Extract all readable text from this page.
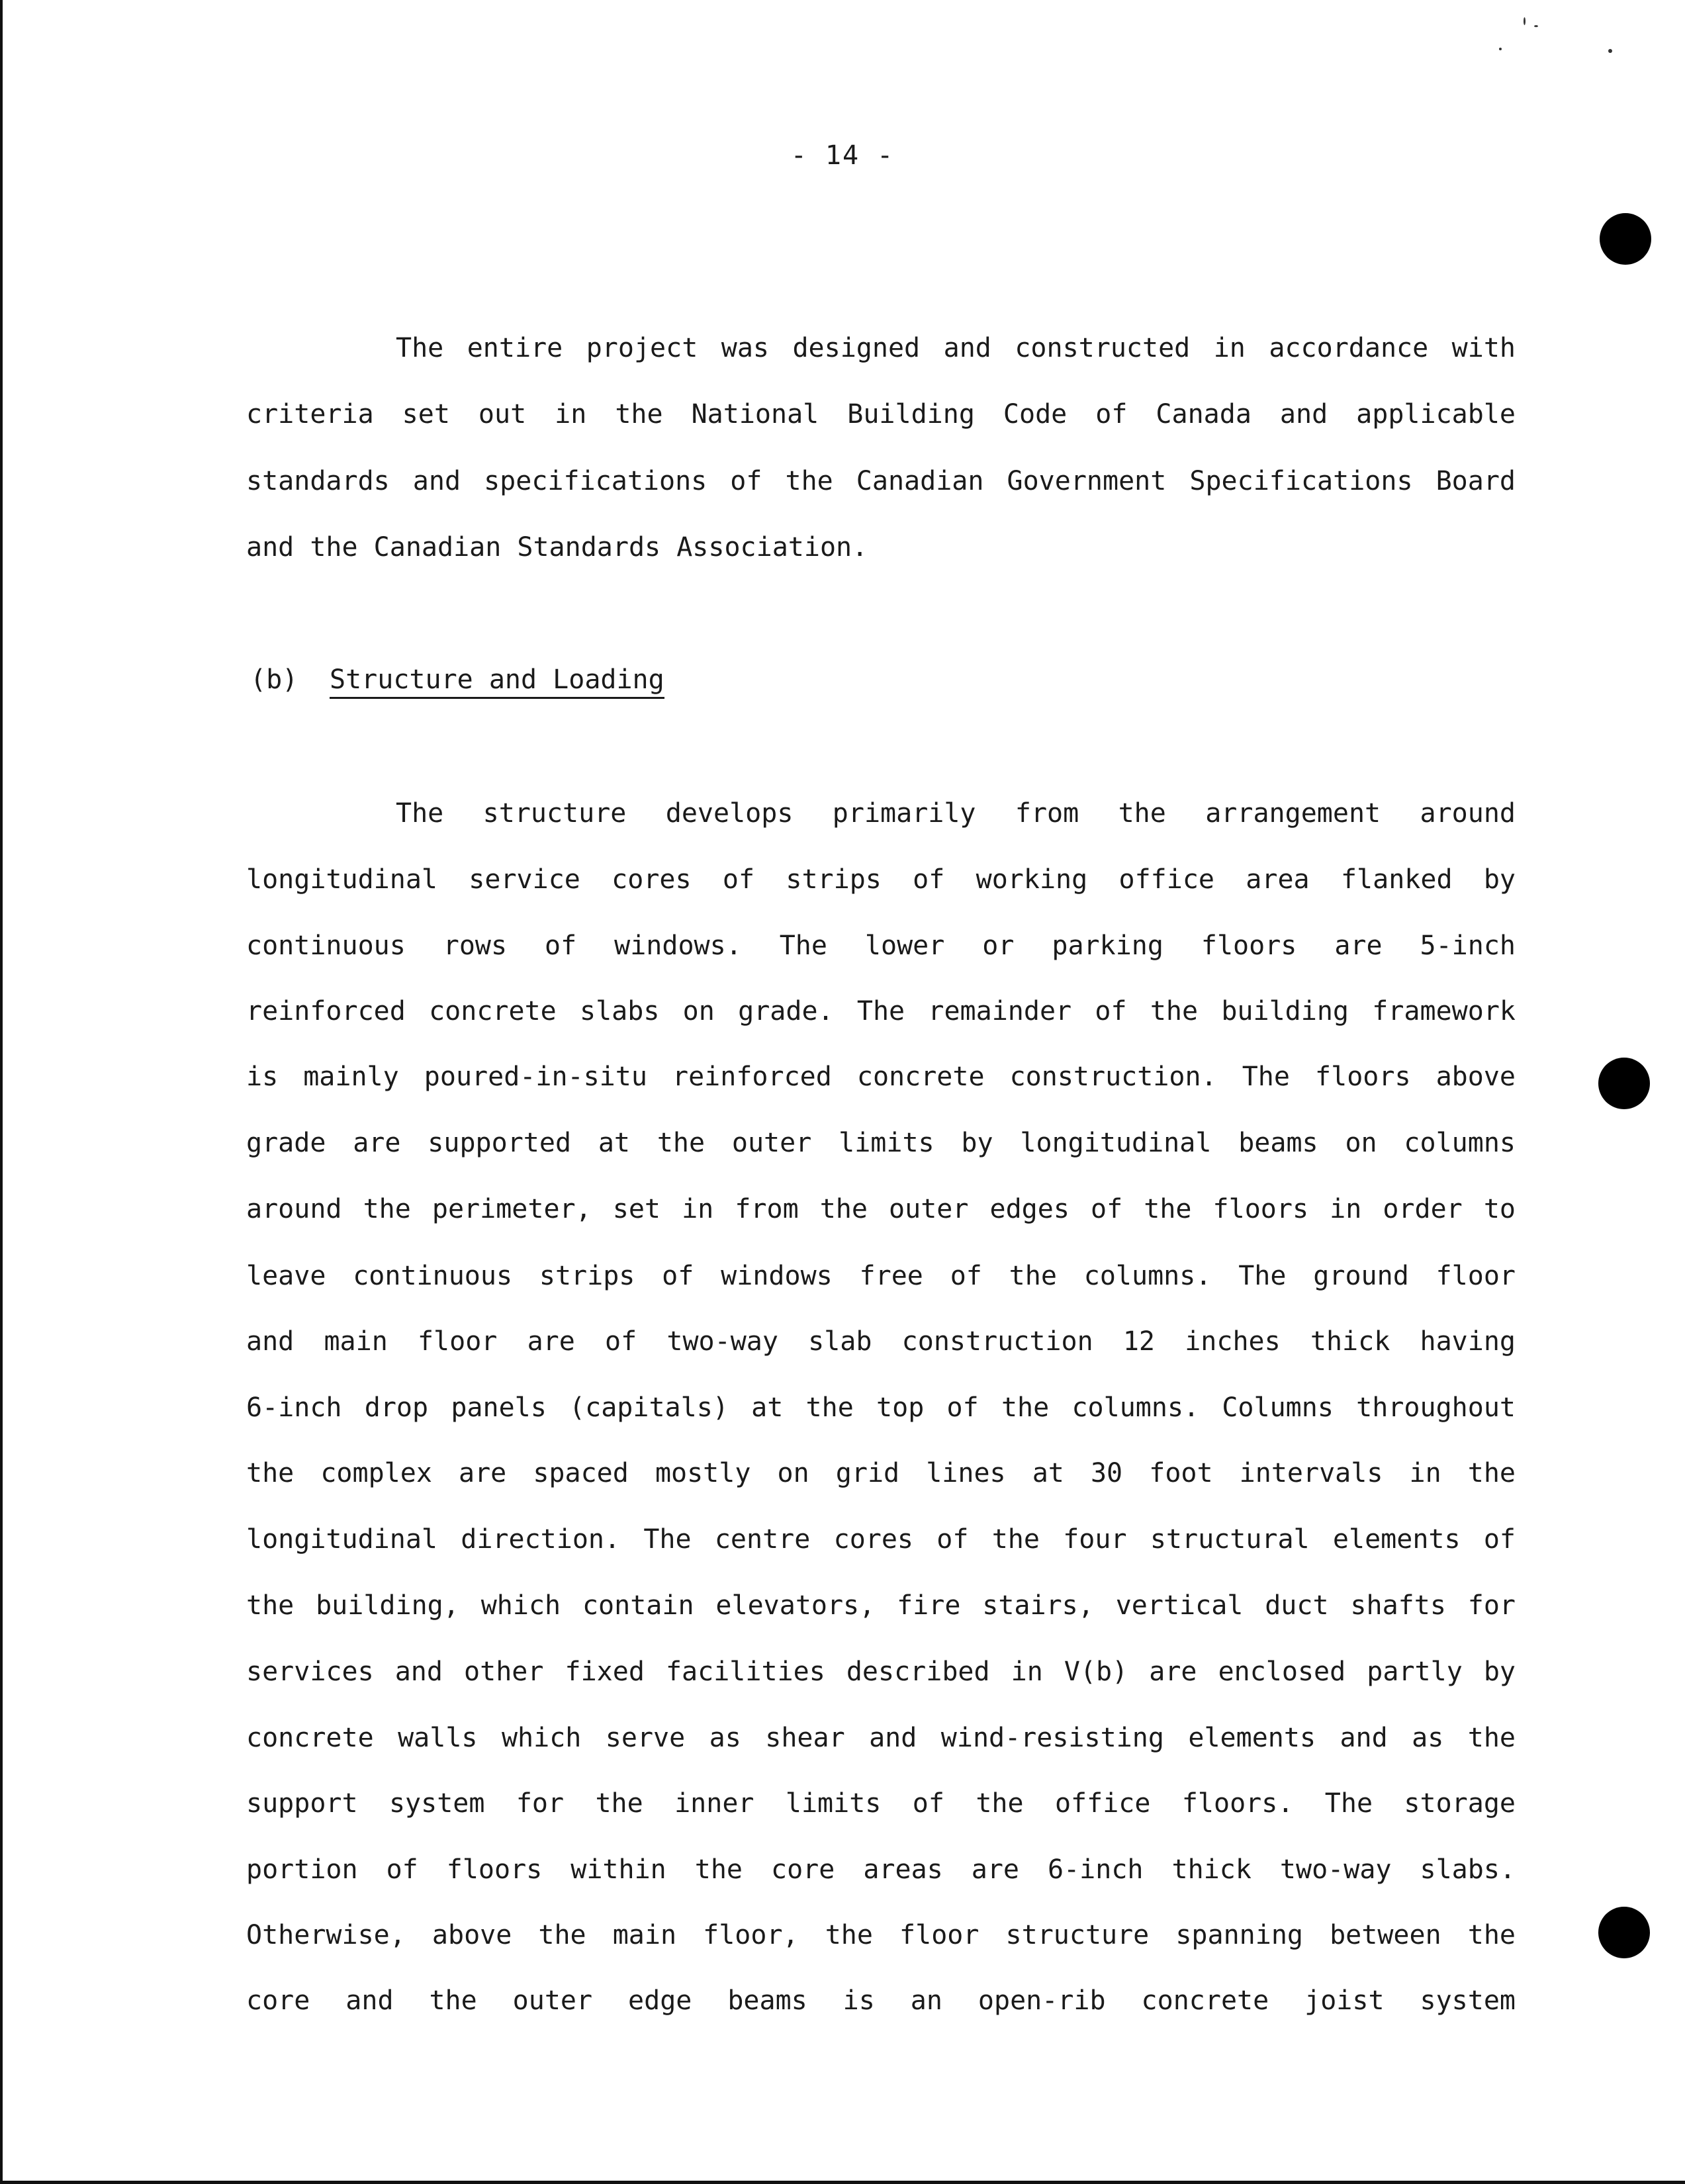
- 14 -
The entire project was designed and constructed in accordance with
criteria set out in the National Building Code of Canada and applicable
standards and specifications of the Canadian Government Specifications Board
and the Canadian Standards Association.
(b) Structure and Loading
The structure develops primarily from the arrangement around
longitudinal service cores of strips of working office area flanked by
continuous rows of windows. The lower or parking floors are 5-inch
reinforced concrete slabs on grade. The remainder of the building framework
is mainly poured-in-situ reinforced concrete construction. The floors above
grade are supported at the outer limits by longitudinal beams on columns
around the perimeter, set in from the outer edges of the floors in order to
leave continuous strips of windows free of the columns. The ground floor
and main floor are of two-way slab construction 12 inches thick having
6-inch drop panels (capitals) at the top of the columns. Columns throughout
the complex are spaced mostly on grid lines at 30 foot intervals in the
longitudinal direction. The centre cores of the four structural elements of
the building, which contain elevators, fire stairs, vertical duct shafts for
services and other fixed facilities described in V(b) are enclosed partly by
concrete walls which serve as shear and wind-resisting elements and as the
support system for the inner limits of the office floors. The storage
portion of floors within the core areas are 6-inch thick two-way slabs.
Otherwise, above the main floor, the floor structure spanning between the
core and the outer edge beams is an open-rib concrete joist system
